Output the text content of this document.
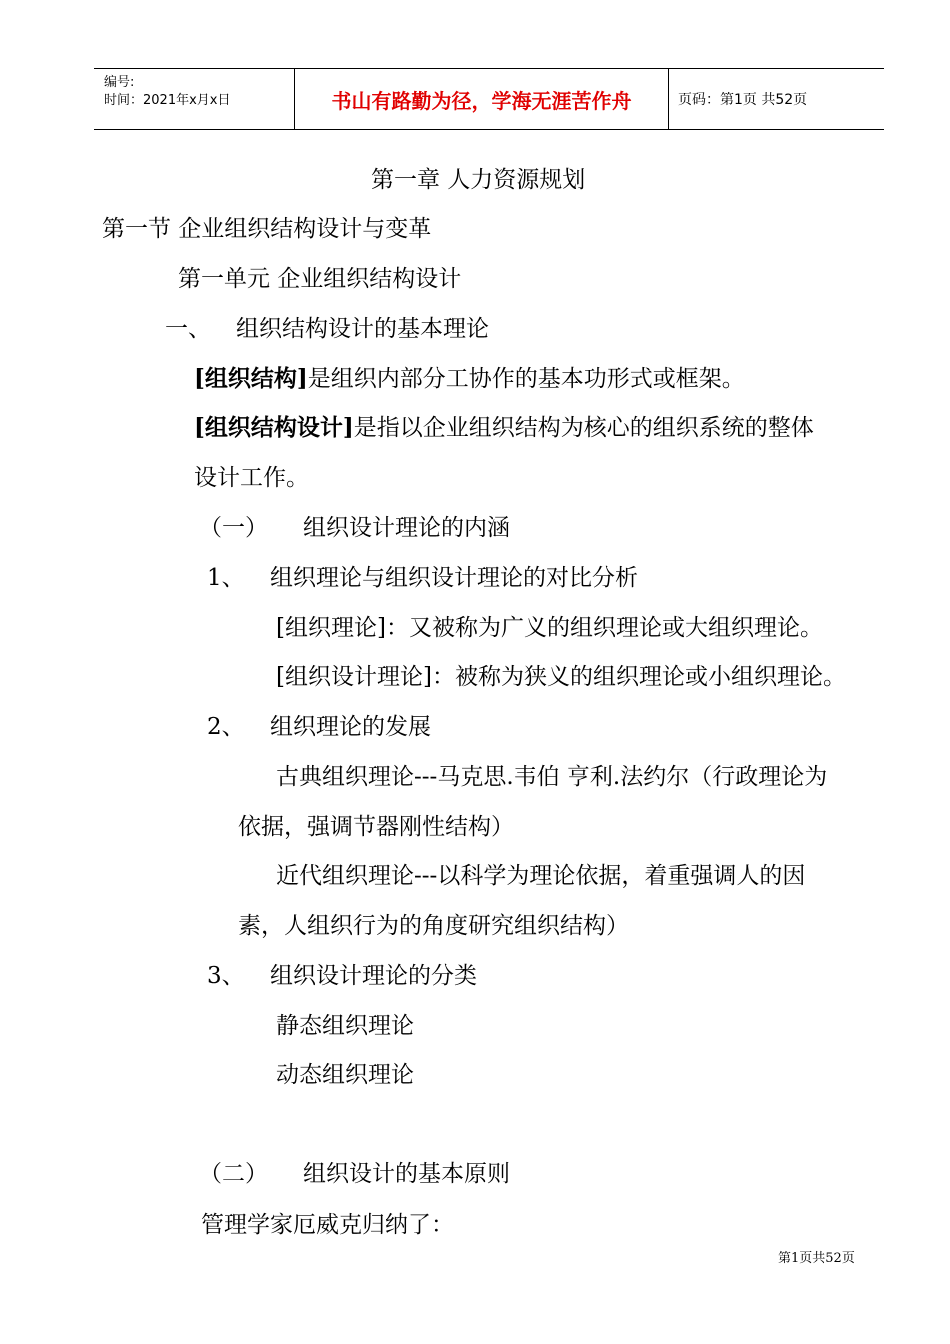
编号:
时间：2021年x月x日	书山有路勤为径，学海无涯苦作舟	页码：第1页 共52页
第一章 人力资源规划
第一节 企业组织结构设计与变革
第一单元 企业组织结构设计
一、 组织结构设计的基本理论
[组织结构]是组织内部分工协作的基本功形式或框架。
[组织结构设计]是指以企业组织结构为核心的组织系统的整体
设计工作。
（一） 组织设计理论的内涵
1、 组织理论与组织设计理论的对比分析
[组织理论]：又被称为广义的组织理论或大组织理论。
[组织设计理论]：被称为狭义的组织理论或小组织理论。
2、 组织理论的发展
古典组织理论---马克思.韦伯 亨利.法约尔（行政理论为
依据，强调节器刚性结构）
近代组织理论---以科学为理论依据，着重强调人的因
素，人组织行为的角度研究组织结构）
3、 组织设计理论的分类
静态组织理论
动态组织理论
（二） 组织设计的基本原则
管理学家厄威克归纳了：
第1页共52页
